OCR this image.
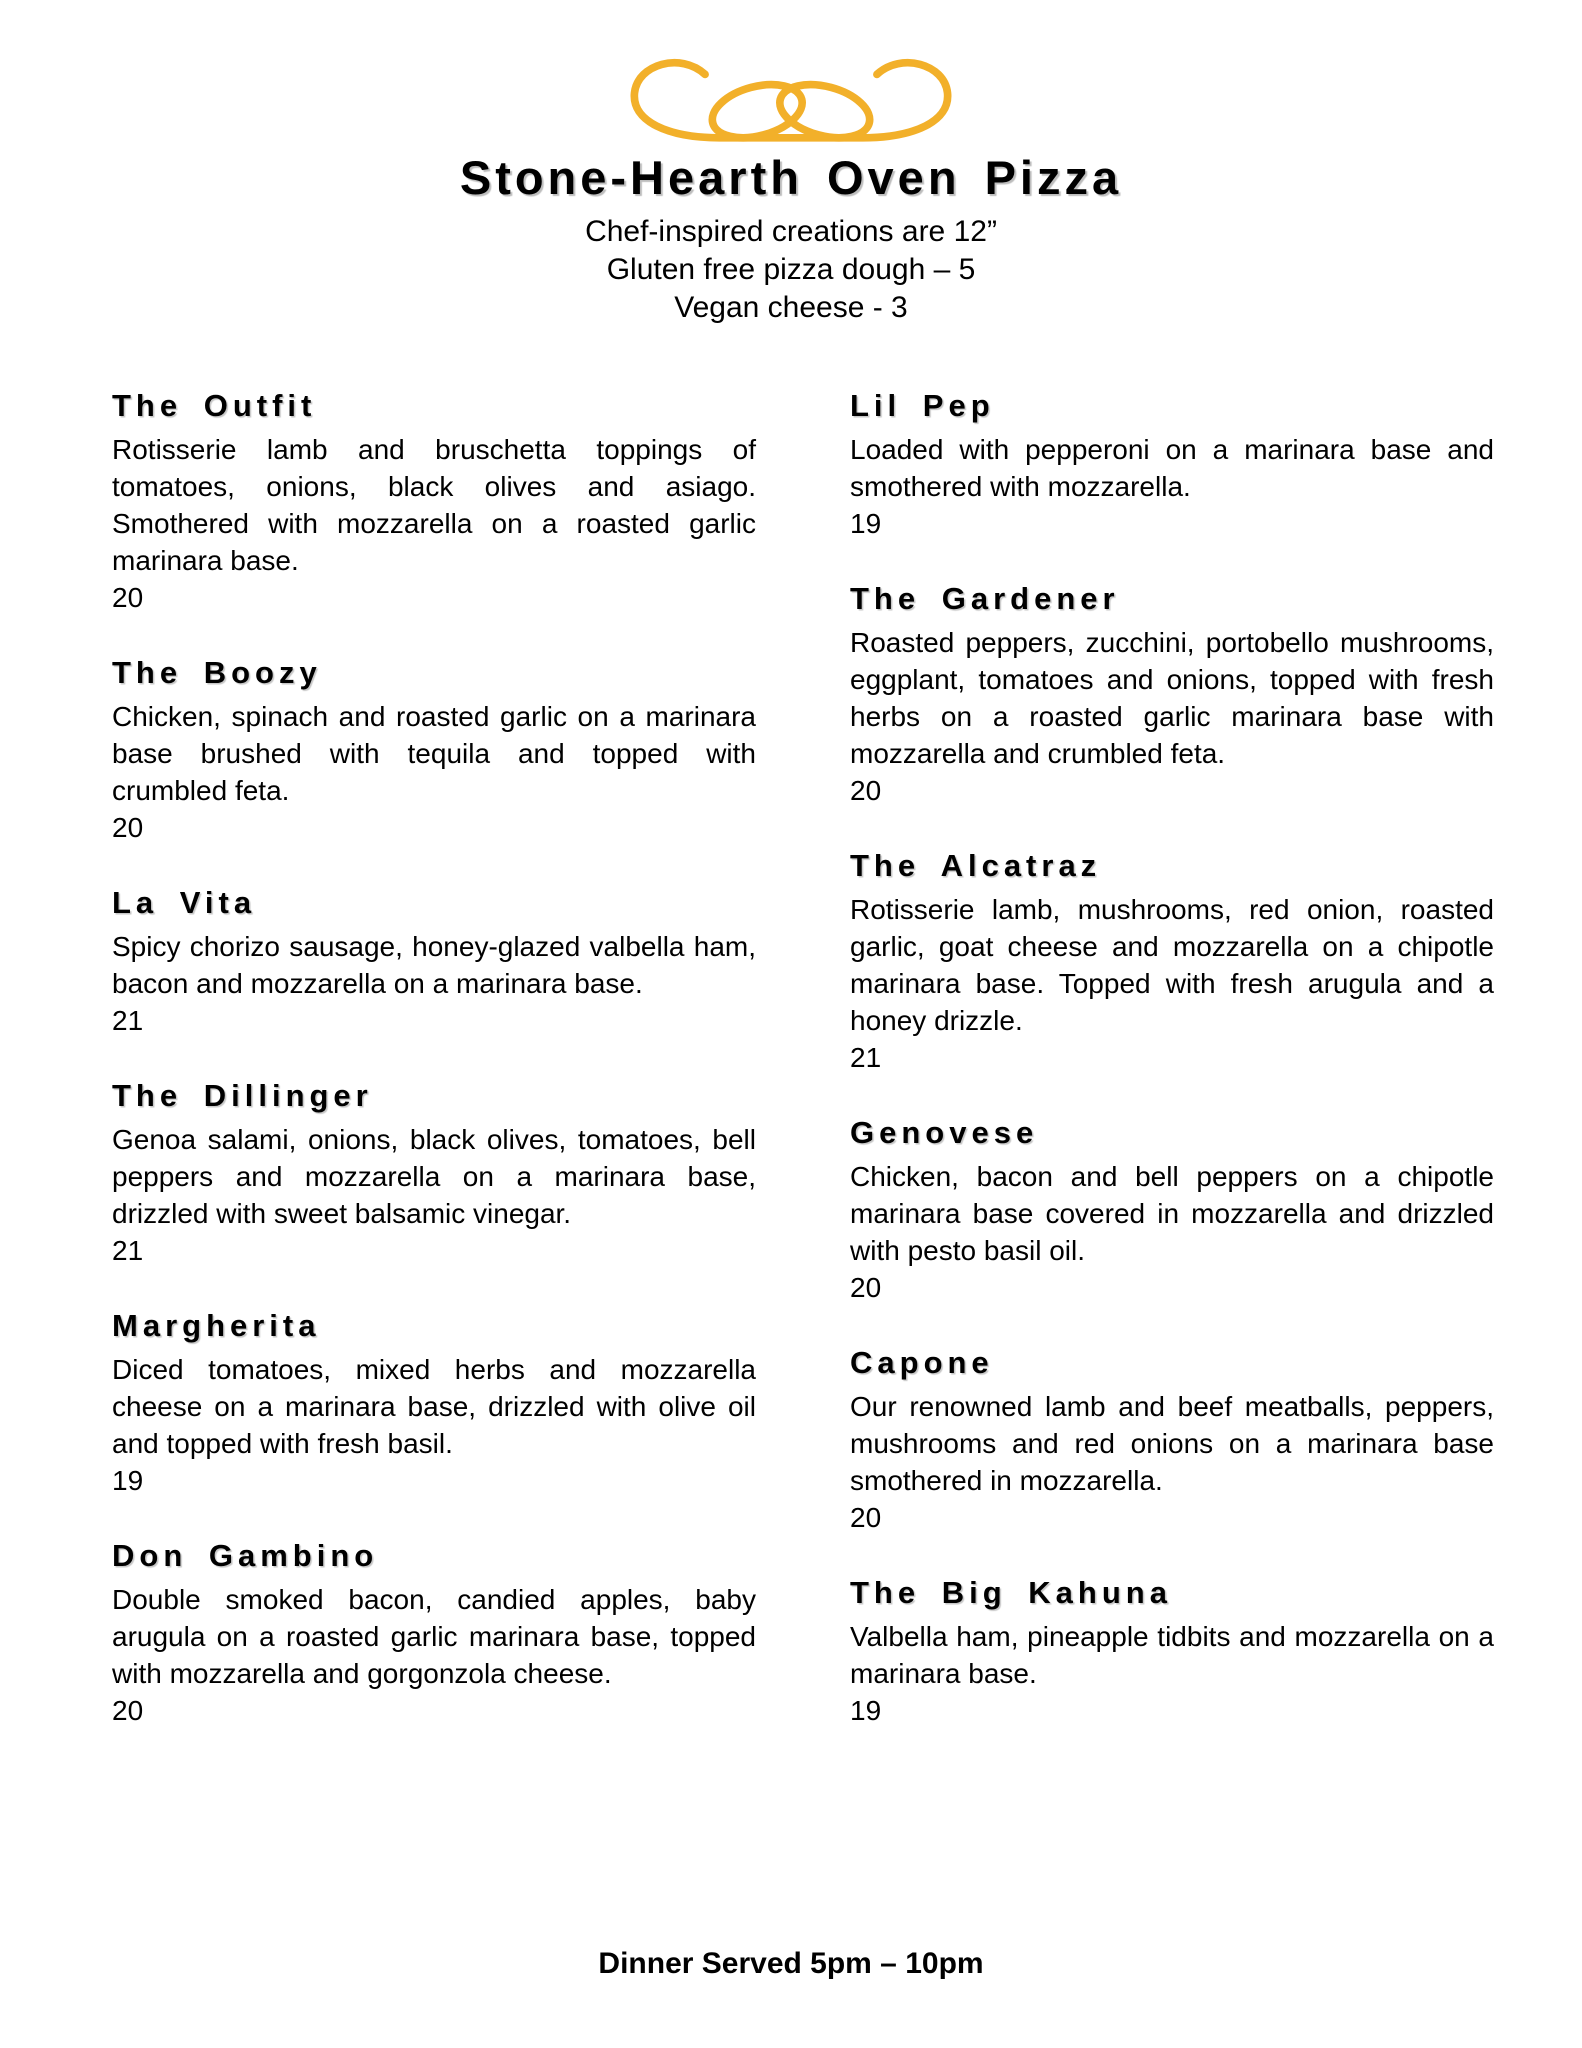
Stone-Hearth Oven Pizza
Chef-inspired creations are 12”
Gluten free pizza dough – 5
Vegan cheese - 3
The Outfit

Rotisserie lamb and bruschetta toppings of tomatoes, onions, black olives and asiago. Smothered with mozzarella on a roasted garlic marinara base.

20
The Boozy

Chicken, spinach and roasted garlic on a marinara base brushed with tequila and topped with crumbled feta.

20
La Vita

Spicy chorizo sausage, honey-glazed valbella ham, bacon and mozzarella on a marinara base.

21
The Dillinger

Genoa salami, onions, black olives, tomatoes, bell peppers and mozzarella on a marinara base, drizzled with sweet balsamic vinegar.

21
Margherita

Diced tomatoes, mixed herbs and mozzarella cheese on a marinara base, drizzled with olive oil and topped with fresh basil.

19
Don Gambino

Double smoked bacon, candied apples, baby arugula on a roasted garlic marinara base, topped with mozzarella and gorgonzola cheese.

20
Lil Pep

Loaded with pepperoni on a marinara base and smothered with mozzarella.

19
The Gardener

Roasted peppers, zucchini, portobello mushrooms, eggplant, tomatoes and onions, topped with fresh herbs on a roasted garlic marinara base with mozzarella and crumbled feta.

20
The Alcatraz

Rotisserie lamb, mushrooms, red onion, roasted garlic, goat cheese and mozzarella on a chipotle marinara base. Topped with fresh arugula and a honey drizzle.

21
Genovese

Chicken, bacon and bell peppers on a chipotle marinara base covered in mozzarella and drizzled with pesto basil oil.

20
Capone

Our renowned lamb and beef meatballs, peppers, mushrooms and red onions on a marinara base smothered in mozzarella.

20
The Big Kahuna

Valbella ham, pineapple tidbits and mozzarella on a marinara base.

19
Dinner Served 5pm – 10pm
